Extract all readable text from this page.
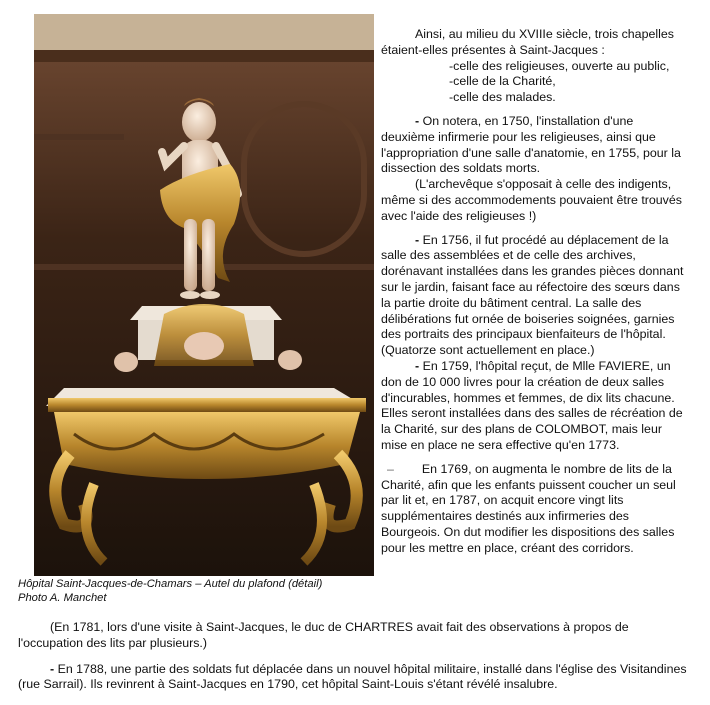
Hôpital Saint-Jacques-de-Chamars – Autel du plafond (détail)
Photo A. Manchet

Ainsi, au milieu du XVIIIe siècle, trois chapelles étaient-elles présentes à Saint-Jacques :

-celle des religieuses, ouverte au public,
-celle de la Charité,
-celle des malades.

- On notera, en 1750, l'installation d'une deuxième infirmerie pour les religieuses, ainsi que l'appropriation d'une salle d'anatomie, en 1755, pour la dissection des soldats morts.

(L'archevêque s'opposait à celle des indigents, même si des accommodements pouvaient être trouvés avec l'aide des religieuses !)

- En 1756, il fut procédé au déplacement de la salle des assemblées et de celle des archives, dorénavant installées dans les grandes pièces donnant sur le jardin, faisant face au réfectoire des sœurs dans la partie droite du bâtiment central. La salle des délibérations fut ornée de boiseries soignées, garnies des portraits des principaux bienfaiteurs de l'hôpital. (Quatorze sont actuellement en place.)

- En 1759, l'hôpital reçut, de Mlle FAVIERE, un don de 10 000 livres pour la création de deux salles d'incurables, hommes et femmes, de dix lits chacune. Elles seront installées dans des salles de récréation de la Charité, sur des plans de COLOMBOT, mais leur mise en place ne sera effective qu'en 1773.

– En 1769, on augmenta le nombre de lits de la Charité, afin que les enfants puissent coucher un seul par lit et, en 1787, on acquit encore vingt lits supplémentaires destinés aux infirmeries des Bourgeois. On dut modifier les dispositions des salles pour les mettre en place, créant des corridors.

(En 1781, lors d'une visite à Saint-Jacques, le duc de CHARTRES avait fait des observations à propos de l'occupation des lits par plusieurs.)

- En 1788, une partie des soldats fut déplacée dans un nouvel hôpital militaire, installé dans l'église des Visitandines (rue Sarrail). Ils revinrent à Saint-Jacques en 1790, cet hôpital Saint-Louis s'étant révélé insalubre.
